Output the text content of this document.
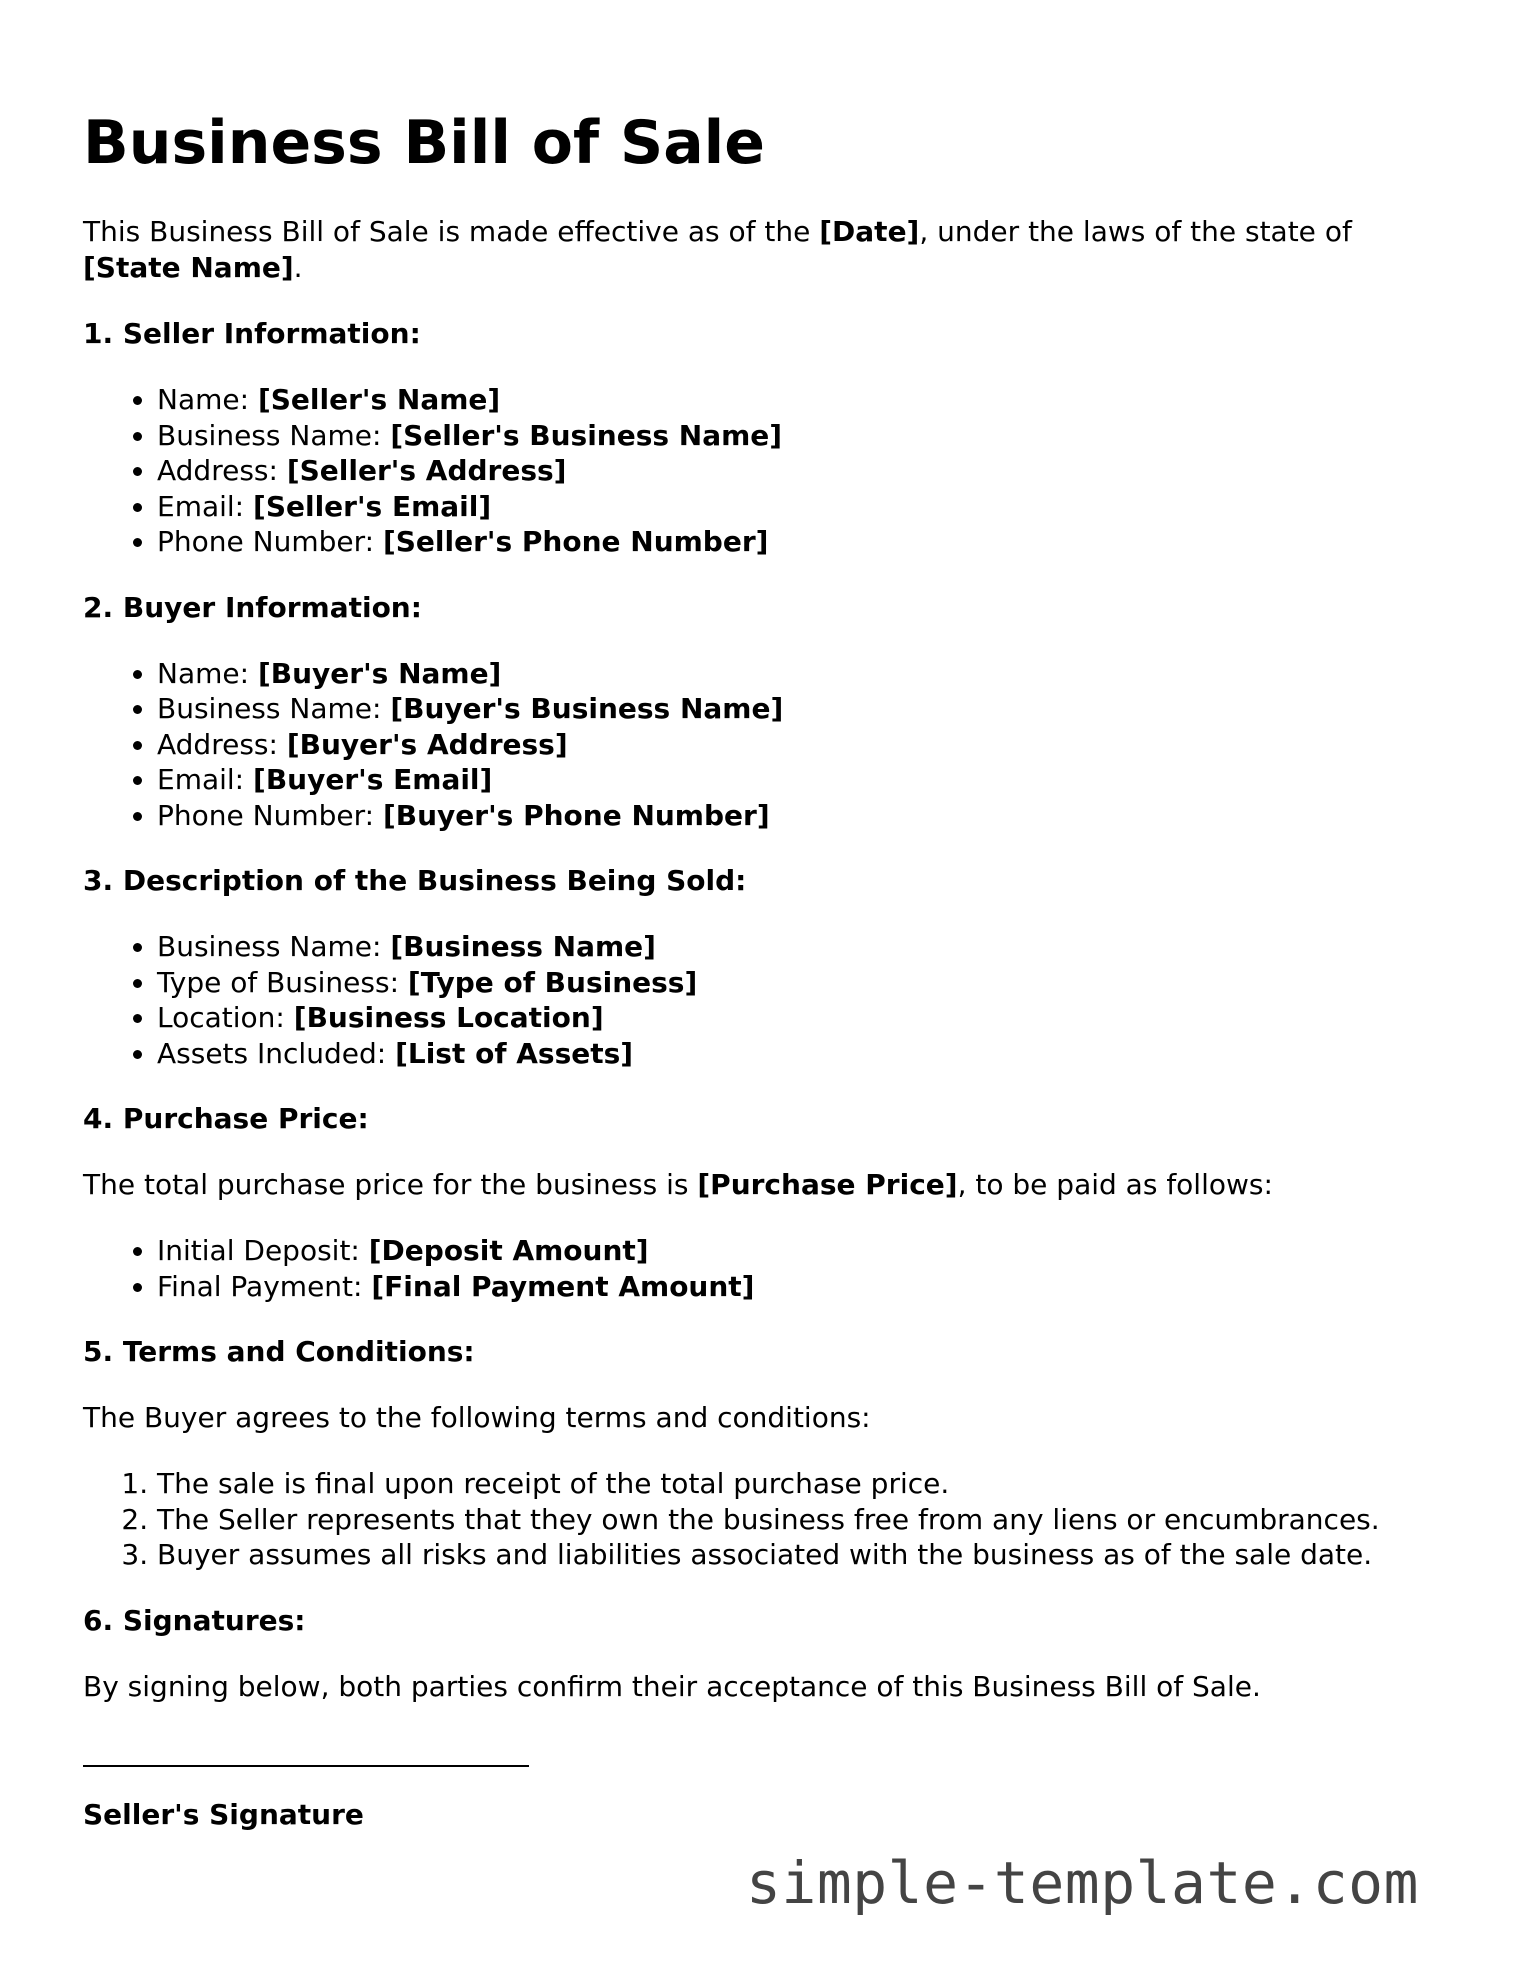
Business Bill of Sale

This Business Bill of Sale is made effective as of the [Date], under the laws of the state of [State Name].

1. Seller Information:
• Name: [Seller's Name]
• Business Name: [Seller's Business Name]
• Address: [Seller's Address]
• Email: [Seller's Email]
• Phone Number: [Seller's Phone Number]
2. Buyer Information:
• Name: [Buyer's Name]
• Business Name: [Buyer's Business Name]
• Address: [Buyer's Address]
• Email: [Buyer's Email]
• Phone Number: [Buyer's Phone Number]
3. Description of the Business Being Sold:
• Business Name: [Business Name]
• Type of Business: [Type of Business]
• Location: [Business Location]
• Assets Included: [List of Assets]
4. Purchase Price:

The total purchase price for the business is [Purchase Price], to be paid as follows:

• Initial Deposit: [Deposit Amount]
• Final Payment: [Final Payment Amount]
5. Terms and Conditions:

The Buyer agrees to the following terms and conditions:

1. The sale is final upon receipt of the total purchase price.
2. The Seller represents that they own the business free from any liens or encumbrances.
3. Buyer assumes all risks and liabilities associated with the business as of the sale date.
6. Signatures:

By signing below, both parties confirm their acceptance of this Business Bill of Sale.

Seller's Signature
simple-template.com
